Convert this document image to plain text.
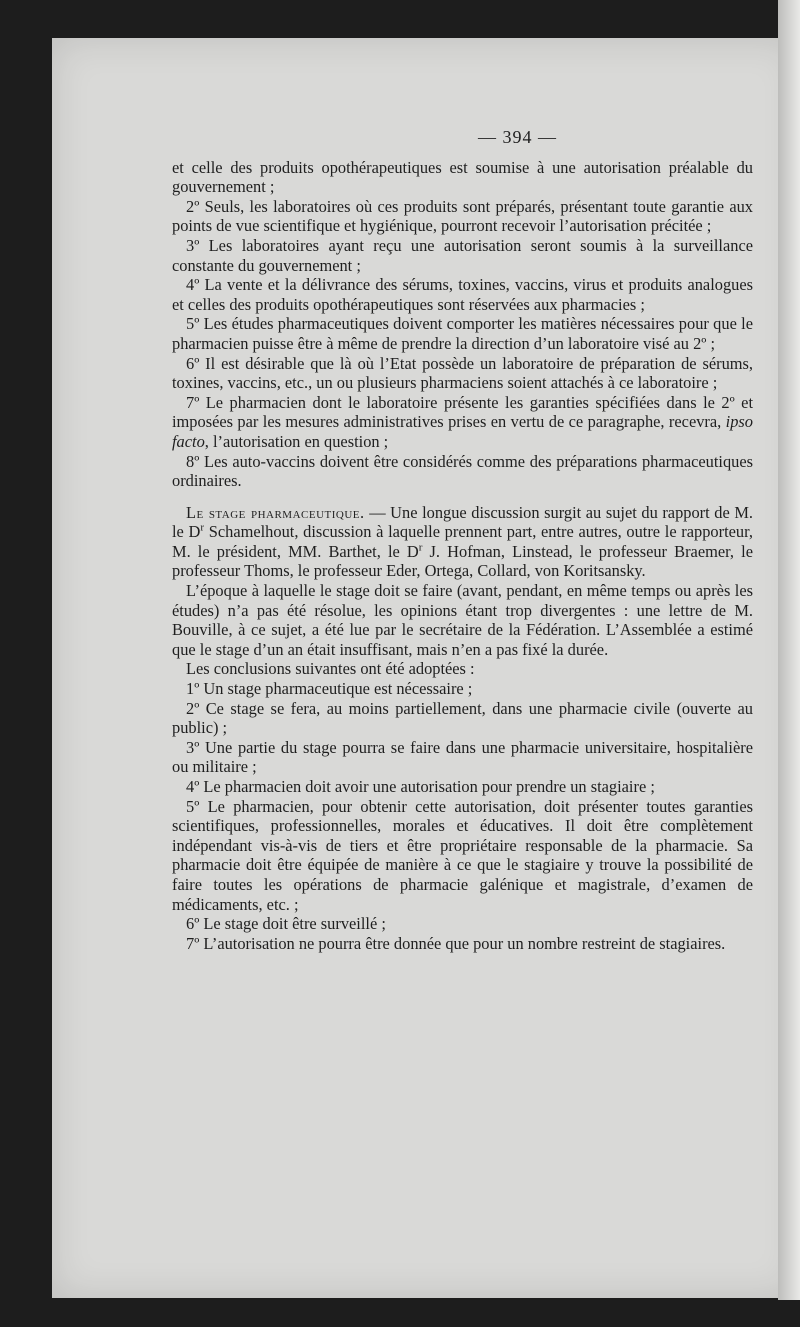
— 394 —

et celle des produits opothérapeutiques est soumise à une autorisation préalable du gouvernement ;

2º Seuls, les laboratoires où ces produits sont préparés, présentant toute garantie aux points de vue scientifique et hygiénique, pourront recevoir l’autorisation précitée ;

3º Les laboratoires ayant reçu une autorisation seront soumis à la surveillance constante du gouvernement ;

4º La vente et la délivrance des sérums, toxines, vaccins, virus et produits analogues et celles des produits opothérapeutiques sont réservées aux pharmacies ;

5º Les études pharmaceutiques doivent comporter les matières nécessaires pour que le pharmacien puisse être à même de prendre la direction d’un laboratoire visé au 2º ;

6º Il est désirable que là où l’Etat possède un laboratoire de préparation de sérums, toxines, vaccins, etc., un ou plusieurs pharmaciens soient attachés à ce laboratoire ;

7º Le pharmacien dont le laboratoire présente les garanties spécifiées dans le 2º et imposées par les mesures administratives prises en vertu de ce paragraphe, recevra, ipso facto, l’autorisation en question ;

8º Les auto-vaccins doivent être considérés comme des préparations pharmaceutiques ordinaires.

Le stage pharmaceutique. — Une longue discussion surgit au sujet du rapport de M. le $D^r$ Schamelhout, discussion à laquelle prennent part, entre autres, outre le rapporteur, M. le président, MM. Barthet, le $D^r$ J. Hofman, Linstead, le professeur Braemer, le professeur Thoms, le professeur Eder, Ortega, Collard, von Koritsansky.

L’époque à laquelle le stage doit se faire (avant, pendant, en même temps ou après les études) n’a pas été résolue, les opinions étant trop divergentes : une lettre de M. Bouville, à ce sujet, a été lue par le secrétaire de la Fédération. L’Assemblée a estimé que le stage d’un an était insuffisant, mais n’en a pas fixé la durée.

Les conclusions suivantes ont été adoptées :

1º Un stage pharmaceutique est nécessaire ;

2º Ce stage se fera, au moins partiellement, dans une pharmacie civile (ouverte au public) ;

3º Une partie du stage pourra se faire dans une pharmacie universitaire, hospitalière ou militaire ;

4º Le pharmacien doit avoir une autorisation pour prendre un stagiaire ;

5º Le pharmacien, pour obtenir cette autorisation, doit présenter toutes garanties scientifiques, professionnelles, morales et éducatives. Il doit être complètement indépendant vis-à-vis de tiers et être propriétaire responsable de la pharmacie. Sa pharmacie doit être équipée de manière à ce que le stagiaire y trouve la possibilité de faire toutes les opérations de pharmacie galénique et magistrale, d’examen de médicaments, etc. ;

6º Le stage doit être surveillé ;

7º L’autorisation ne pourra être donnée que pour un nombre restreint de stagiaires.
